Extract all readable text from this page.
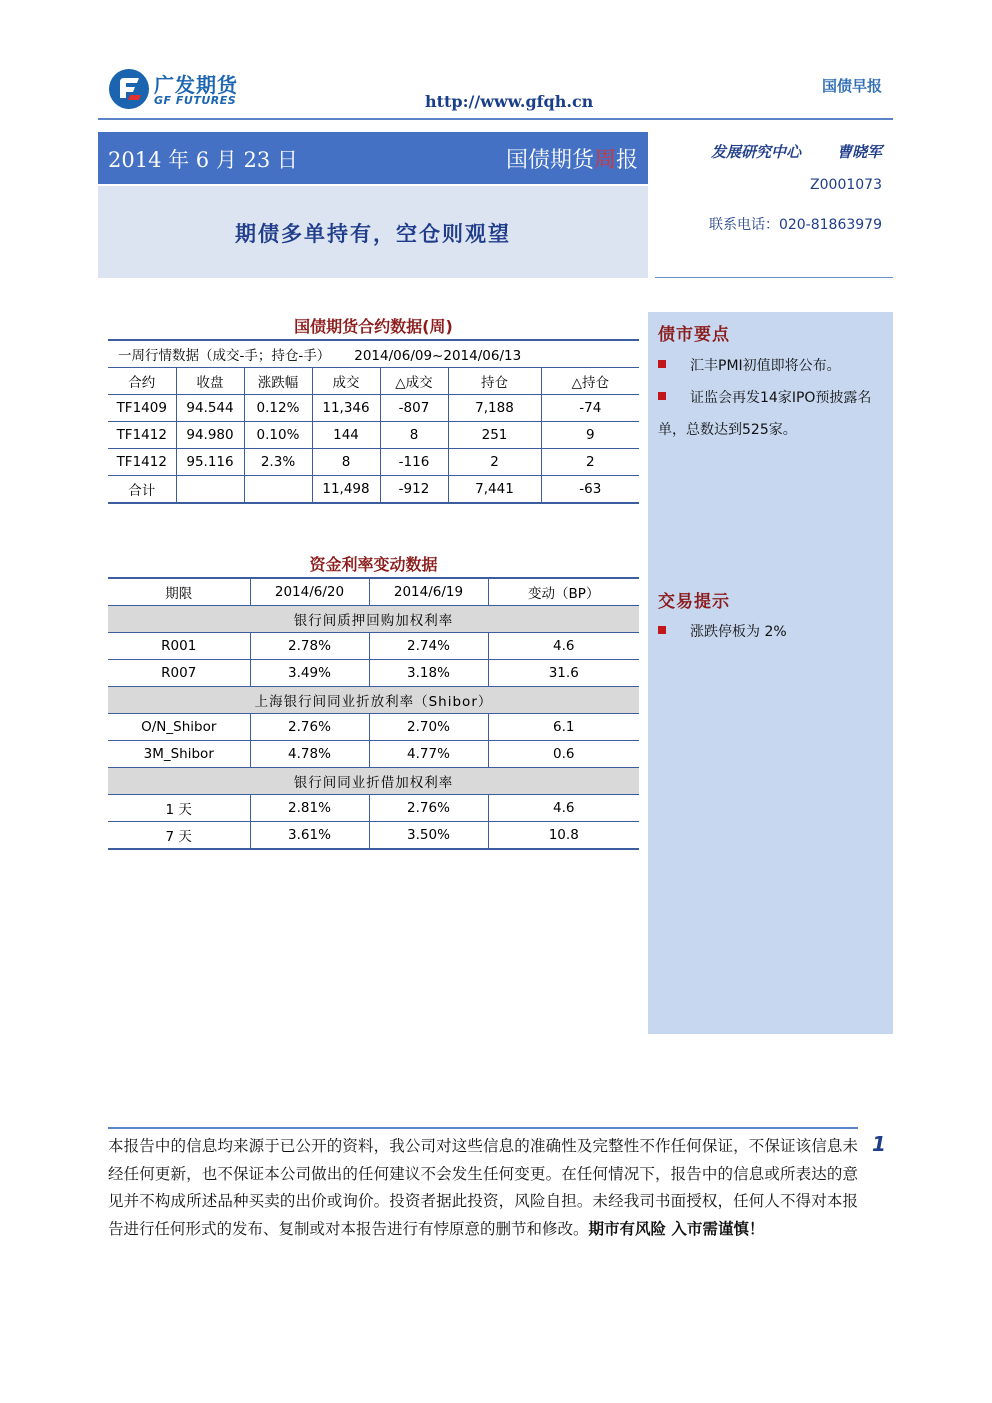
广发期货
GF FUTURES	http://www.gfqh.cn
国债早报
2014 年 6 月 23 日	国债期货周报
期债多单持有，空仓则观望
发展研究中心 曹晓军
Z0001073
联系电话：020-81863979
国债期货合约数据(周)
一周行情数据（成交-手；持仓-手） 2014/06/09~2014/06/13						
合约	收盘	涨跌幅	成交	△成交	持仓	△持仓
TF1409	94.544	0.12%	11,346	-807	7,188	-74
TF1412	94.980	0.10%	144	8	251	9
TF1412	95.116	2.3%	8	-116	2	2
合计			11,498	-912	7,441	-63
资金利率变动数据
期限	2014/6/20	2014/6/19	变动（BP）
银行间质押回购加权利率			
R001	2.78%	2.74%	4.6
R007	3.49%	3.18%	31.6
上海银行间同业折放利率（Shibor）			
O/N_Shibor	2.76%	2.70%	6.1
3M_Shibor	4.78%	4.77%	0.6
银行间同业折借加权利率			
1 天	2.81%	2.76%	4.6
7 天	3.61%	3.50%	10.8
债市要点
汇丰PMI初值即将公布。
证监会再发14家IPO预披露名单，总数达到525家。
交易提示
涨跌停板为 2%
1
本报告中的信息均来源于已公开的资料，我公司对这些信息的准确性及完整性不作任何保证，不保证该信息未经任何更新，也不保证本公司做出的任何建议不会发生任何变更。在任何情况下，报告中的信息或所表达的意见并不构成所述品种买卖的出价或询价。投资者据此投资，风险自担。未经我司书面授权，任何人不得对本报告进行任何形式的发布、复制或对本报告进行有悖原意的删节和修改。期市有风险 入市需谨慎！
